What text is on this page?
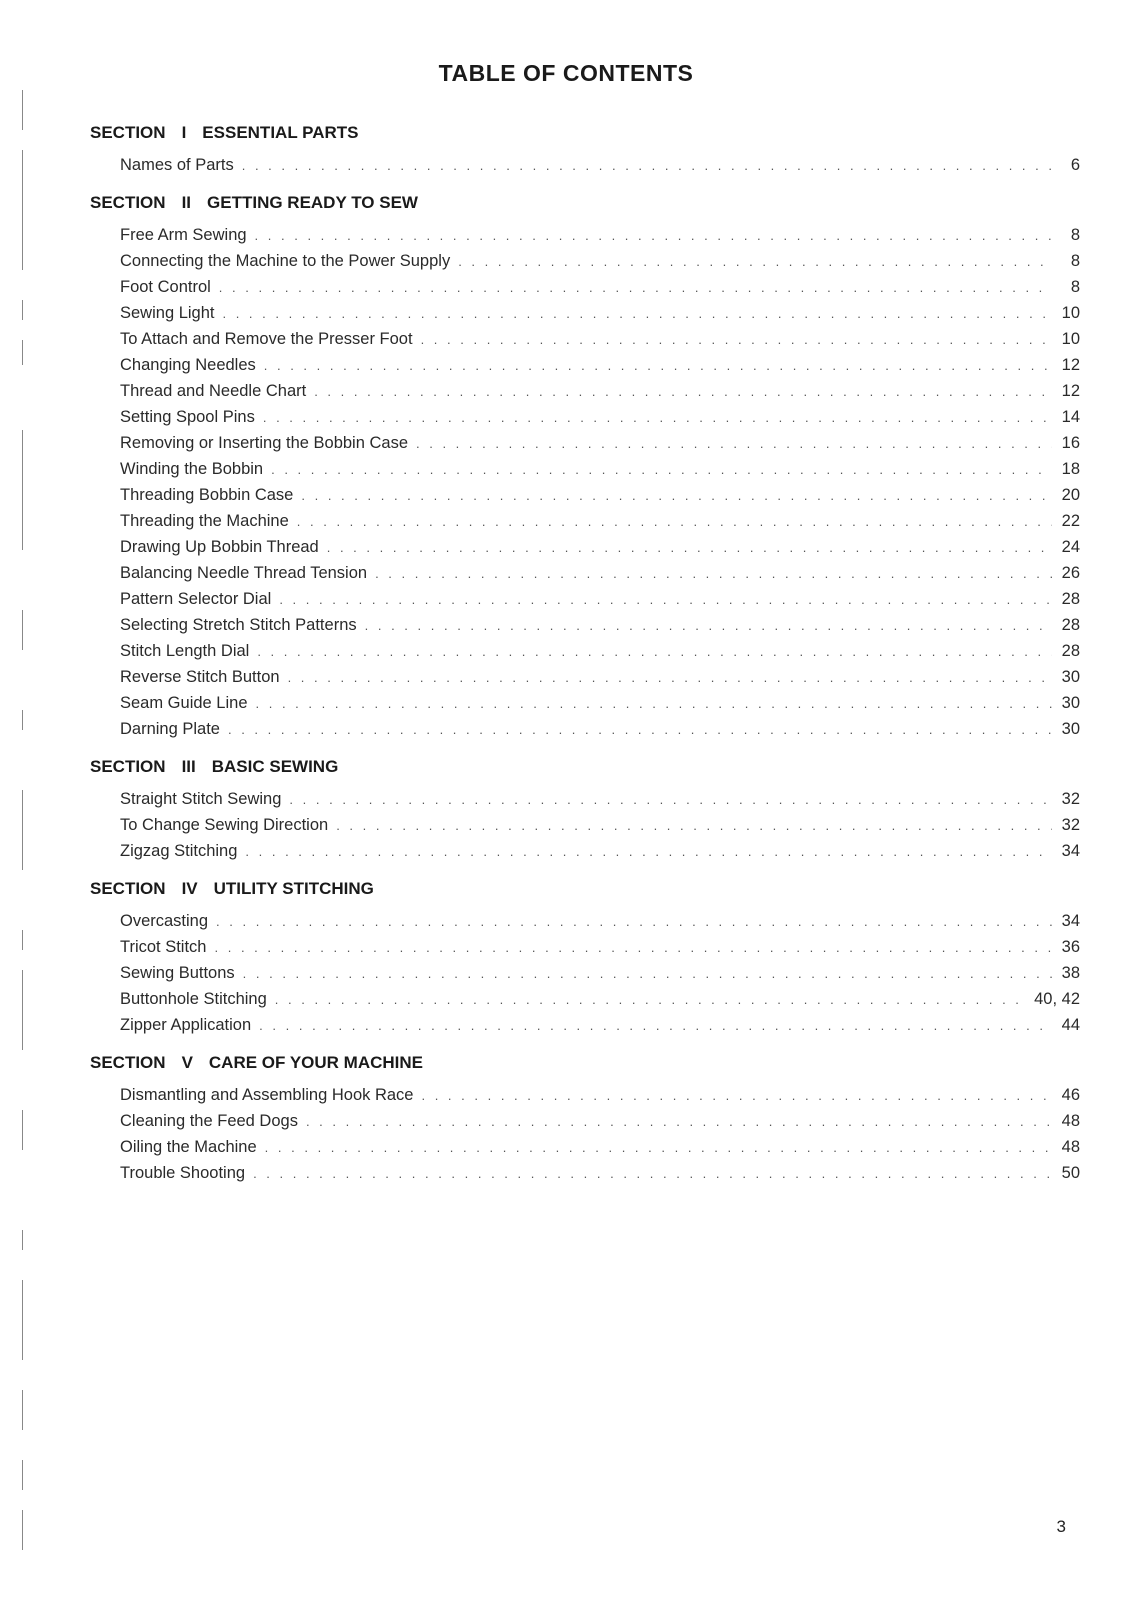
TABLE OF CONTENTS
SECTION I ESSENTIAL PARTS
Names of Parts . . .	6
SECTION II GETTING READY TO SEW
Free Arm Sewing . . .	8
Connecting the Machine to the Power Supply . . .	8
Foot Control . . .	8
Sewing Light . . .	10
To Attach and Remove the Presser Foot . . .	10
Changing Needles . . .	12
Thread and Needle Chart . . .	12
Setting Spool Pins . . .	14
Removing or Inserting the Bobbin Case . . .	16
Winding the Bobbin . . .	18
Threading Bobbin Case . . .	20
Threading the Machine . . .	22
Drawing Up Bobbin Thread . . .	24
Balancing Needle Thread Tension . . .	26
Pattern Selector Dial . . .	28
Selecting Stretch Stitch Patterns . . .	28
Stitch Length Dial . . .	28
Reverse Stitch Button . . .	30
Seam Guide Line . . .	30
Darning Plate . . .	30
SECTION III BASIC SEWING
Straight Stitch Sewing . . .	32
To Change Sewing Direction . . .	32
Zigzag Stitching . . .	34
SECTION IV UTILITY STITCHING
Overcasting . . .	34
Tricot Stitch . . .	36
Sewing Buttons . . .	38
Buttonhole Stitching . . .	40, 42
Zipper Application . . .	44
SECTION V CARE OF YOUR MACHINE
Dismantling and Assembling Hook Race . . .	46
Cleaning the Feed Dogs . . .	48
Oiling the Machine . . .	48
Trouble Shooting . . .	50
3
